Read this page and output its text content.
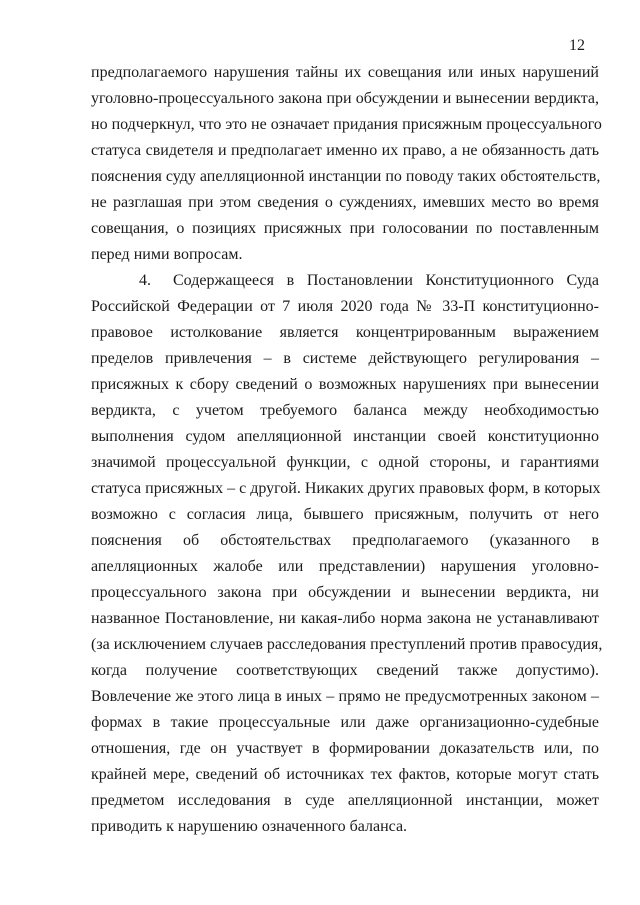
12

предполагаемого нарушения тайны их совещания или иных нарушений
уголовно-процессуального закона при обсуждении и вынесении вердикта,
но подчеркнул, что это не означает придания присяжным процессуального
статуса свидетеля и предполагает именно их право, а не обязанность дать
пояснения суду апелляционной инстанции по поводу таких обстоятельств,
не разглашая при этом сведения о суждениях, имевших место во время
совещания, о позициях присяжных при голосовании по поставленным
перед ними вопросам.

4. Содержащееся в Постановлении Конституционного Суда
Российской Федерации от 7 июля 2020 года № 33-П конституционно-
правовое истолкование является концентрированным выражением
пределов привлечения – в системе действующего регулирования –
присяжных к сбору сведений о возможных нарушениях при вынесении
вердикта, с учетом требуемого баланса между необходимостью
выполнения судом апелляционной инстанции своей конституционно
значимой процессуальной функции, с одной стороны, и гарантиями
статуса присяжных – с другой. Никаких других правовых форм, в которых
возможно с согласия лица, бывшего присяжным, получить от него
пояснения об обстоятельствах предполагаемого (указанного в
апелляционных жалобе или представлении) нарушения уголовно-
процессуального закона при обсуждении и вынесении вердикта, ни
названное Постановление, ни какая-либо норма закона не устанавливают
(за исключением случаев расследования преступлений против правосудия,
когда получение соответствующих сведений также допустимо).
Вовлечение же этого лица в иных – прямо не предусмотренных законом –
формах в такие процессуальные или даже организационно-судебные
отношения, где он участвует в формировании доказательств или, по
крайней мере, сведений об источниках тех фактов, которые могут стать
предметом исследования в суде апелляционной инстанции, может
приводить к нарушению означенного баланса.
